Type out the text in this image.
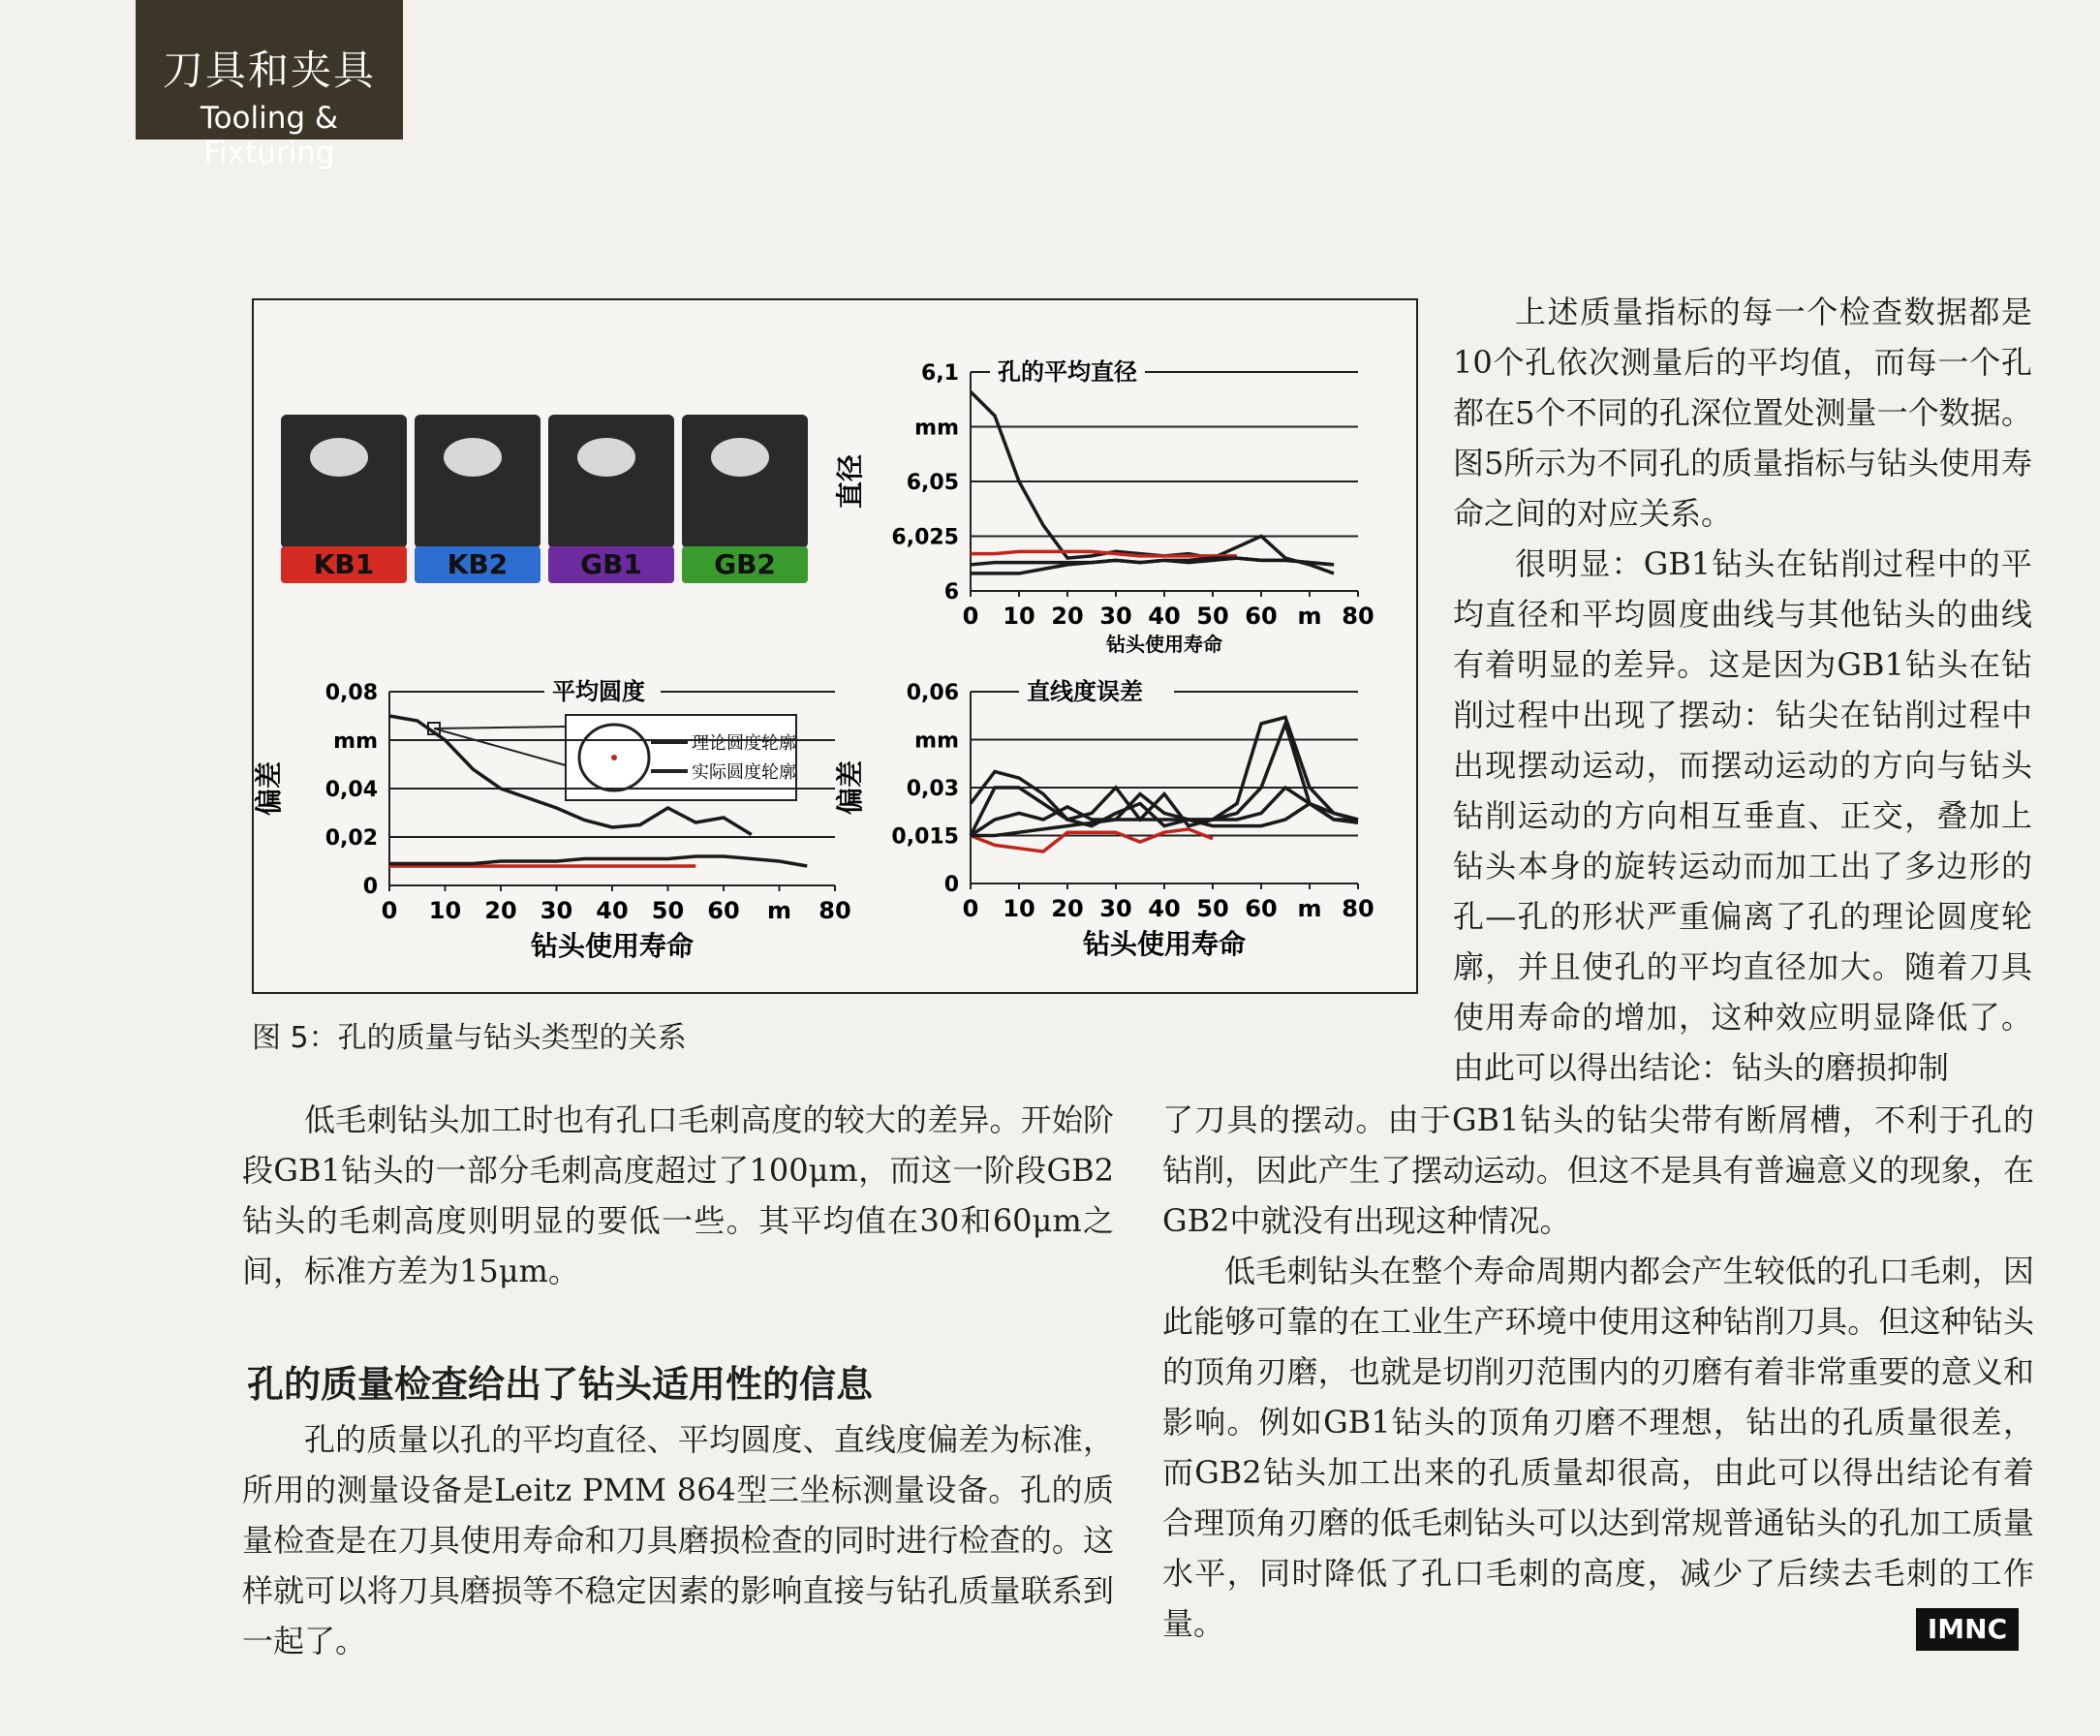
刀具和夹具
Tooling & Fixturing
KB1	KB2	GB1	GB2
理论圆度轮廓
实际圆度轮廓
6
6,025
6,05
mm
6,1
0 10 20 30 40 50 60 m 80
孔的平均直径
直径
钻头使用寿命
0
0,02
0,04
mm
0,08
0 10 20 30 40 50 60 m 80
平均圆度
偏差
钻头使用寿命
0
0,015
0,03
mm
0,06
0 10 20 30 40 50 60 m 80
直线度误差
偏差
钻头使用寿命
图 5：孔的质量与钻头类型的关系

上述质量指标的每一个检查数据都是10个孔依次测量后的平均值，而每一个孔都在5个不同的孔深位置处测量一个数据。图5所示为不同孔的质量指标与钻头使用寿命之间的对应关系。

很明显：GB1钻头在钻削过程中的平均直径和平均圆度曲线与其他钻头的曲线有着明显的差异。这是因为GB1钻头在钻削过程中出现了摆动：钻尖在钻削过程中出现摆动运动，而摆动运动的方向与钻头钻削运动的方向相互垂直、正交，叠加上钻头本身的旋转运动而加工出了多边形的孔—孔的形状严重偏离了孔的理论圆度轮廓，并且使孔的平均直径加大。随着刀具使用寿命的增加，这种效应明显降低了。由此可以得出结论：钻头的磨损抑制

低毛刺钻头加工时也有孔口毛刺高度的较大的差异。开始阶段GB1钻头的一部分毛刺高度超过了100μm，而这一阶段GB2钻头的毛刺高度则明显的要低一些。其平均值在30和60μm之间，标准方差为15μm。

孔的质量检查给出了钻头适用性的信息

孔的质量以孔的平均直径、平均圆度、直线度偏差为标准，所用的测量设备是Leitz PMM 864型三坐标测量设备。孔的质量检查是在刀具使用寿命和刀具磨损检查的同时进行检查的。这样就可以将刀具磨损等不稳定因素的影响直接与钻孔质量联系到一起了。

了刀具的摆动。由于GB1钻头的钻尖带有断屑槽，不利于孔的钻削，因此产生了摆动运动。但这不是具有普遍意义的现象，在GB2中就没有出现这种情况。

低毛刺钻头在整个寿命周期内都会产生较低的孔口毛刺，因此能够可靠的在工业生产环境中使用这种钻削刀具。但这种钻头的顶角刃磨，也就是切削刃范围内的刃磨有着非常重要的意义和影响。例如GB1钻头的顶角刃磨不理想，钻出的孔质量很差，而GB2钻头加工出来的孔质量却很高，由此可以得出结论有着合理顶角刃磨的低毛刺钻头可以达到常规普通钻头的孔加工质量水平，同时降低了孔口毛刺的高度，减少了后续去毛刺的工作量。	IMNC
